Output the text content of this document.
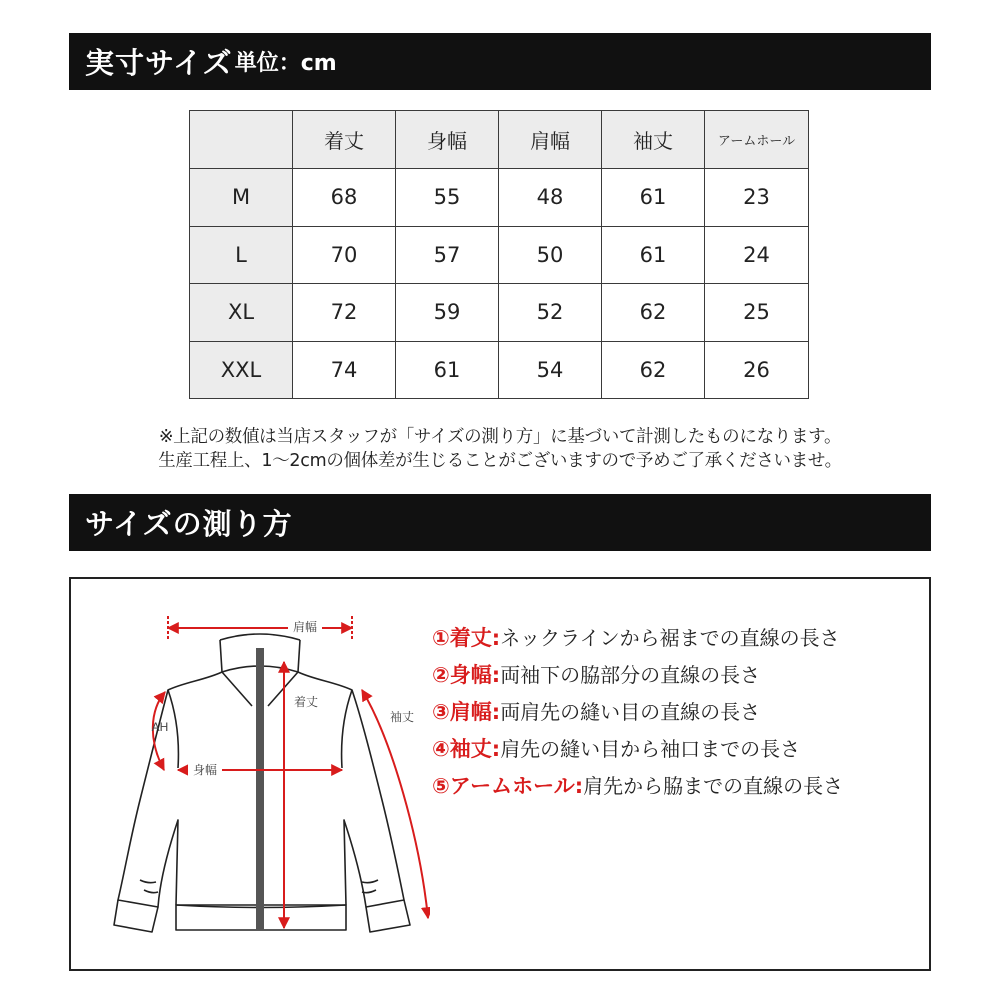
実寸サイズ 単位：cm
	着丈	身幅	肩幅	袖丈	アームホール
M	68	55	48	61	23
L	70	57	50	61	24
XL	72	59	52	62	25
XXL	74	61	54	62	26
※上記の数値は当店スタッフが「サイズの測り方」に基づいて計測したものになります。
生産工程上、1〜2cmの個体差が生じることがございますので予めご了承くださいませ。
サイズの測り方
肩幅
着丈
身幅
AH
袖丈
①着丈:ネックラインから裾までの直線の長さ
②身幅:両袖下の脇部分の直線の長さ
③肩幅:両肩先の縫い目の直線の長さ
④袖丈:肩先の縫い目から袖口までの長さ
⑤アームホール:肩先から脇までの直線の長さ
